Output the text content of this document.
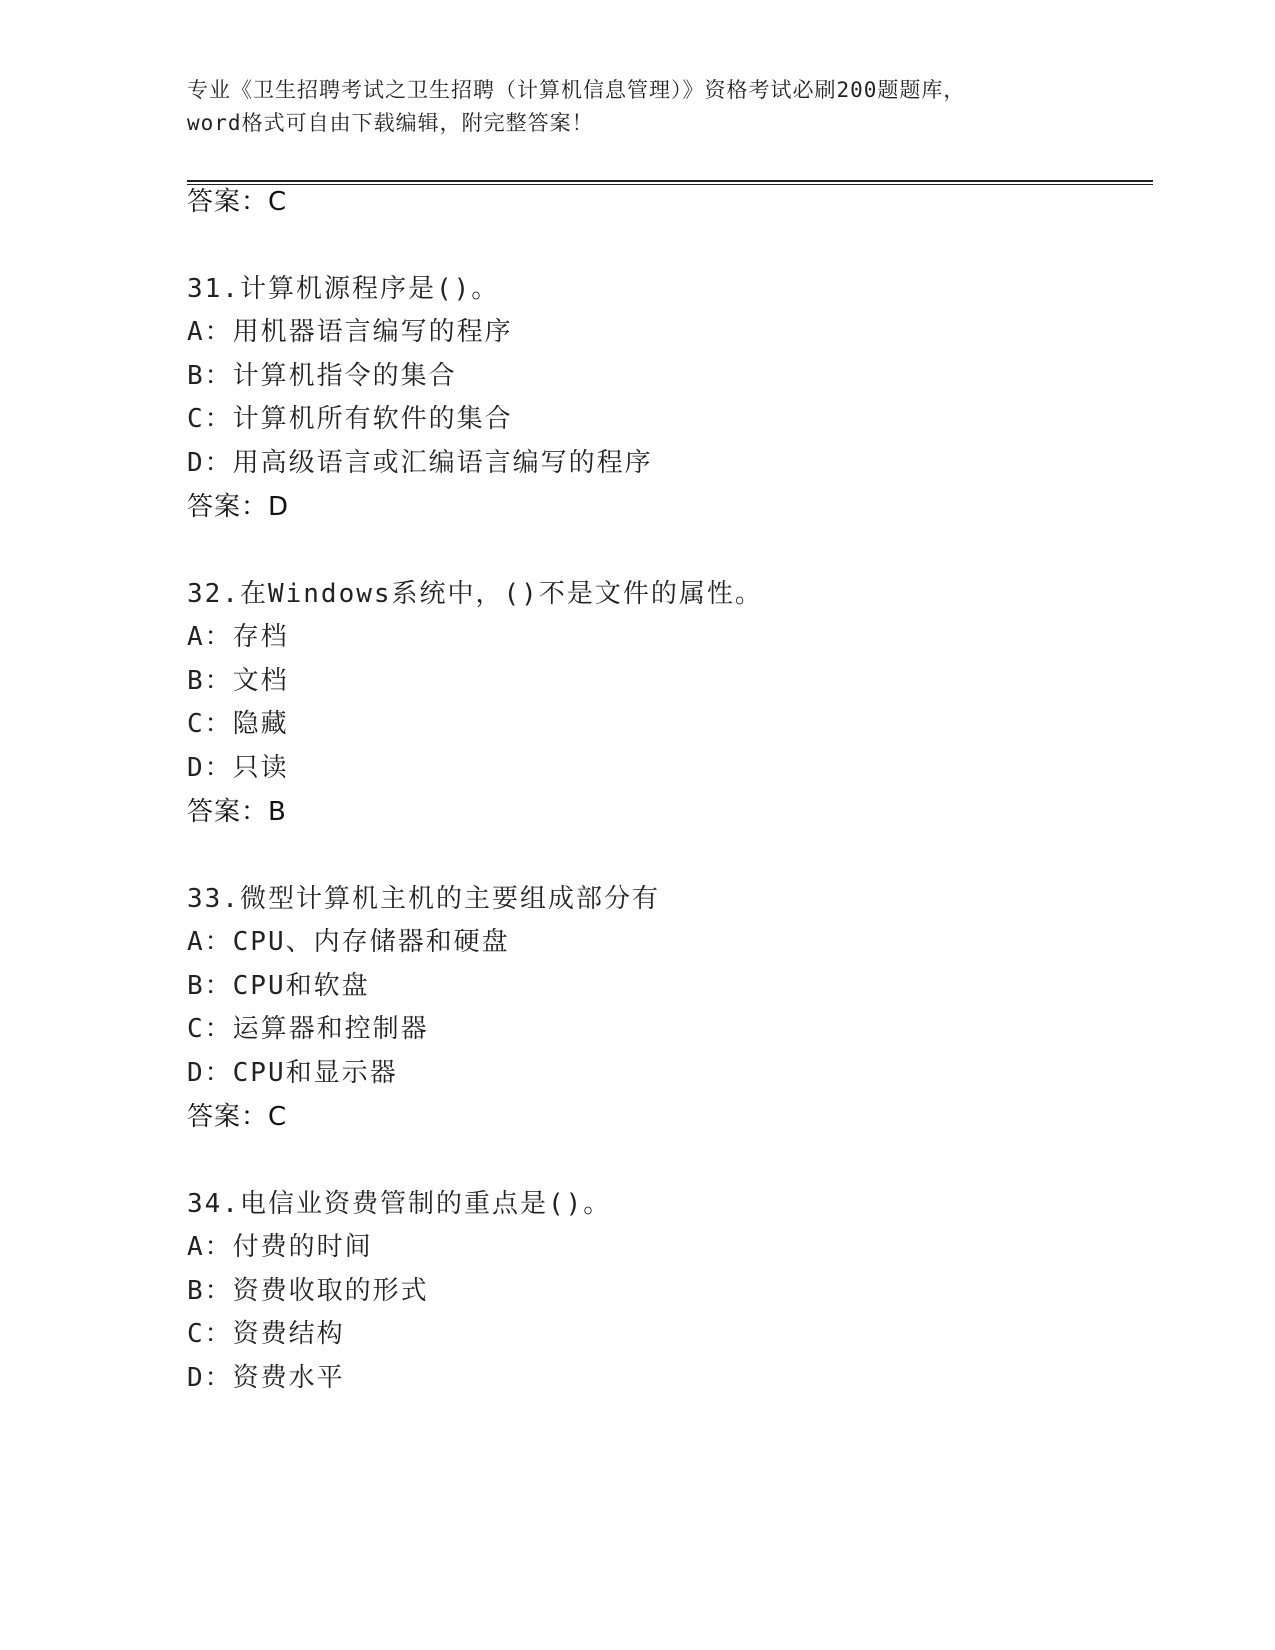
专业《卫生招聘考试之卫生招聘（计算机信息管理）》资格考试必刷200题题库，
word格式可自由下载编辑，附完整答案！
答案：C
31.计算机源程序是()。
A：用机器语言编写的程序
B：计算机指令的集合
C：计算机所有软件的集合
D：用高级语言或汇编语言编写的程序
答案：D
32.在Windows系统中，()不是文件的属性。
A：存档
B：文档
C：隐藏
D：只读
答案：B
33.微型计算机主机的主要组成部分有
A：CPU、内存储器和硬盘
B：CPU和软盘
C：运算器和控制器
D：CPU和显示器
答案：C
34.电信业资费管制的重点是()。
A：付费的时间
B：资费收取的形式
C：资费结构
D：资费水平
